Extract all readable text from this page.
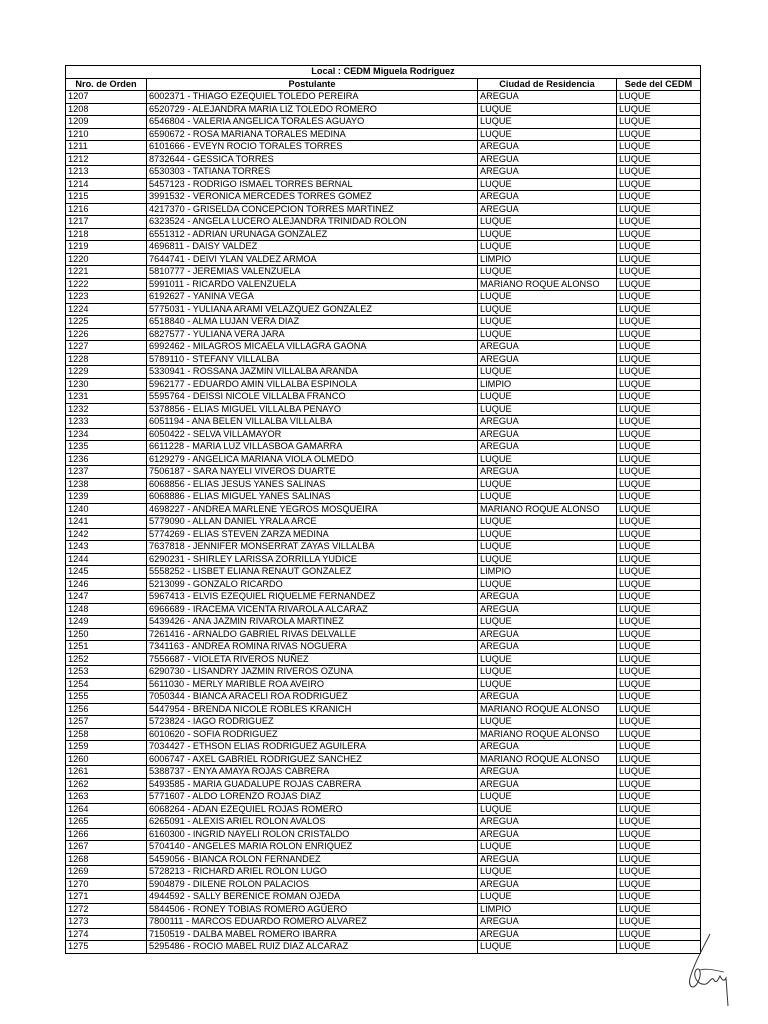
Local : CEDM Miguela Rodriguez			
Nro. de Orden	Postulante	Ciudad de Residencia	Sede del CEDM
1207	6002371 - THIAGO EZEQUIEL TOLEDO PEREIRA	AREGUA	LUQUE
1208	6520729 - ALEJANDRA MARIA LIZ TOLEDO ROMERO	LUQUE	LUQUE
1209	6546804 - VALERIA ANGELICA TORALES AGUAYO	LUQUE	LUQUE
1210	6590672 - ROSA MARIANA TORALES MEDINA	LUQUE	LUQUE
1211	6101666 - EVEYN ROCIO TORALES TORRES	AREGUA	LUQUE
1212	8732644 - GESSICA TORRES	AREGUA	LUQUE
1213	6530303 - TATIANA TORRES	AREGUA	LUQUE
1214	5457123 - RODRIGO ISMAEL TORRES BERNAL	LUQUE	LUQUE
1215	3991532 - VERONICA MERCEDES TORRES GOMEZ	AREGUA	LUQUE
1216	4217370 - GRISELDA CONCEPCION TORRES MARTINEZ	AREGUA	LUQUE
1217	6323524 - ANGELA LUCERO ALEJANDRA TRINIDAD ROLON	LUQUE	LUQUE
1218	6551312 - ADRIAN URUNAGA GONZALEZ	LUQUE	LUQUE
1219	4696811 - DAISY VALDEZ	LUQUE	LUQUE
1220	7644741 - DEIVI YLAN VALDEZ ARMOA	LIMPIO	LUQUE
1221	5810777 - JEREMIAS VALENZUELA	LUQUE	LUQUE
1222	5991011 - RICARDO VALENZUELA	MARIANO ROQUE ALONSO	LUQUE
1223	6192627 - YANINA VEGA	LUQUE	LUQUE
1224	5775031 - YULIANA ARAMI VELAZQUEZ GONZALEZ	LUQUE	LUQUE
1225	6518840 - ALMA LUJAN VERA DIAZ	LUQUE	LUQUE
1226	6827577 - YULIANA VERA JARA	LUQUE	LUQUE
1227	6992462 - MILAGROS MICAELA VILLAGRA GAONA	AREGUA	LUQUE
1228	5789110 - STEFANY VILLALBA	AREGUA	LUQUE
1229	5330941 - ROSSANA JAZMIN VILLALBA ARANDA	LUQUE	LUQUE
1230	5962177 - EDUARDO AMIN VILLALBA ESPINOLA	LIMPIO	LUQUE
1231	5595764 - DEISSI NICOLE VILLALBA FRANCO	LUQUE	LUQUE
1232	5378856 - ELIAS MIGUEL VILLALBA PENAYO	LUQUE	LUQUE
1233	6051194 - ANA BELEN VILLALBA VILLALBA	AREGUA	LUQUE
1234	6050422 - SELVA VILLAMAYOR	AREGUA	LUQUE
1235	6611228 - MARIA LUZ VILLASBOA GAMARRA	AREGUA	LUQUE
1236	6129279 - ANGELICA MARIANA VIOLA OLMEDO	LUQUE	LUQUE
1237	7506187 - SARA NAYELI VIVEROS DUARTE	AREGUA	LUQUE
1238	6068856 - ELIAS JESUS YANES SALINAS	LUQUE	LUQUE
1239	6068886 - ELIAS MIGUEL YANES SALINAS	LUQUE	LUQUE
1240	4698227 - ANDREA MARLENE YEGROS MOSQUEIRA	MARIANO ROQUE ALONSO	LUQUE
1241	5779090 - ALLAN DANIEL YRALA ARCE	LUQUE	LUQUE
1242	5774269 - ELIAS STEVEN ZARZA MEDINA	LUQUE	LUQUE
1243	7637818 - JENNIFER MONSERRAT ZAYAS VILLALBA	LUQUE	LUQUE
1244	6290231 - SHIRLEY LARISSA ZORRILLA YUDICE	LUQUE	LUQUE
1245	5558252 - LISBET ELIANA RENAUT GONZALEZ	LIMPIO	LUQUE
1246	5213099 - GONZALO RICARDO	LUQUE	LUQUE
1247	5967413 - ELVIS EZEQUIEL RIQUELME FERNANDEZ	AREGUA	LUQUE
1248	6966689 - IRACEMA VICENTA RIVAROLA ALCARAZ	AREGUA	LUQUE
1249	5439426 - ANA JAZMIN RIVAROLA MARTINEZ	LUQUE	LUQUE
1250	7261416 - ARNALDO GABRIEL RIVAS DELVALLE	AREGUA	LUQUE
1251	7341163 - ANDREA ROMINA RIVAS NOGUERA	AREGUA	LUQUE
1252	7556687 - VIOLETA RIVEROS NUÑEZ	LUQUE	LUQUE
1253	6290730 - LISANDRY JAZMIN RIVEROS OZUNA	LUQUE	LUQUE
1254	5611030 - MERLY MARIBLE ROA AVEIRO	LUQUE	LUQUE
1255	7050344 - BIANCA ARACELI ROA RODRIGUEZ	AREGUA	LUQUE
1256	5447954 - BRENDA NICOLE ROBLES KRANICH	MARIANO ROQUE ALONSO	LUQUE
1257	5723824 - IAGO RODRIGUEZ	LUQUE	LUQUE
1258	6010620 - SOFIA RODRIGUEZ	MARIANO ROQUE ALONSO	LUQUE
1259	7034427 - ETHSON ELIAS RODRIGUEZ AGUILERA	AREGUA	LUQUE
1260	6006747 - AXEL GABRIEL RODRIGUEZ SANCHEZ	MARIANO ROQUE ALONSO	LUQUE
1261	5388737 - ENYA AMAYA ROJAS CABRERA	AREGUA	LUQUE
1262	5493585 - MARIA GUADALUPE ROJAS CABRERA	AREGUA	LUQUE
1263	5771607 - ALDO LORENZO ROJAS DIAZ	LUQUE	LUQUE
1264	6068264 - ADAN EZEQUIEL ROJAS ROMERO	LUQUE	LUQUE
1265	6265091 - ALEXIS ARIEL ROLON AVALOS	AREGUA	LUQUE
1266	6160300 - INGRID NAYELI ROLON CRISTALDO	AREGUA	LUQUE
1267	5704140 - ANGELES MARIA ROLON ENRIQUEZ	LUQUE	LUQUE
1268	5459056 - BIANCA ROLON FERNANDEZ	AREGUA	LUQUE
1269	5728213 - RICHARD ARIEL ROLON LUGO	LUQUE	LUQUE
1270	5904879 - DILENE ROLON PALACIOS	AREGUA	LUQUE
1271	4944592 - SALLY BERENICE ROMAN OJEDA	LUQUE	LUQUE
1272	5844506 - RONEY TOBIAS ROMERO AGÜERO	LIMPIO	LUQUE
1273	7800111 - MARCOS EDUARDO ROMERO ALVAREZ	AREGUA	LUQUE
1274	7150519 - DALBA MABEL ROMERO IBARRA	AREGUA	LUQUE
1275	5295486 - ROCIO MABEL RUIZ DIAZ ALCARAZ	LUQUE	LUQUE
